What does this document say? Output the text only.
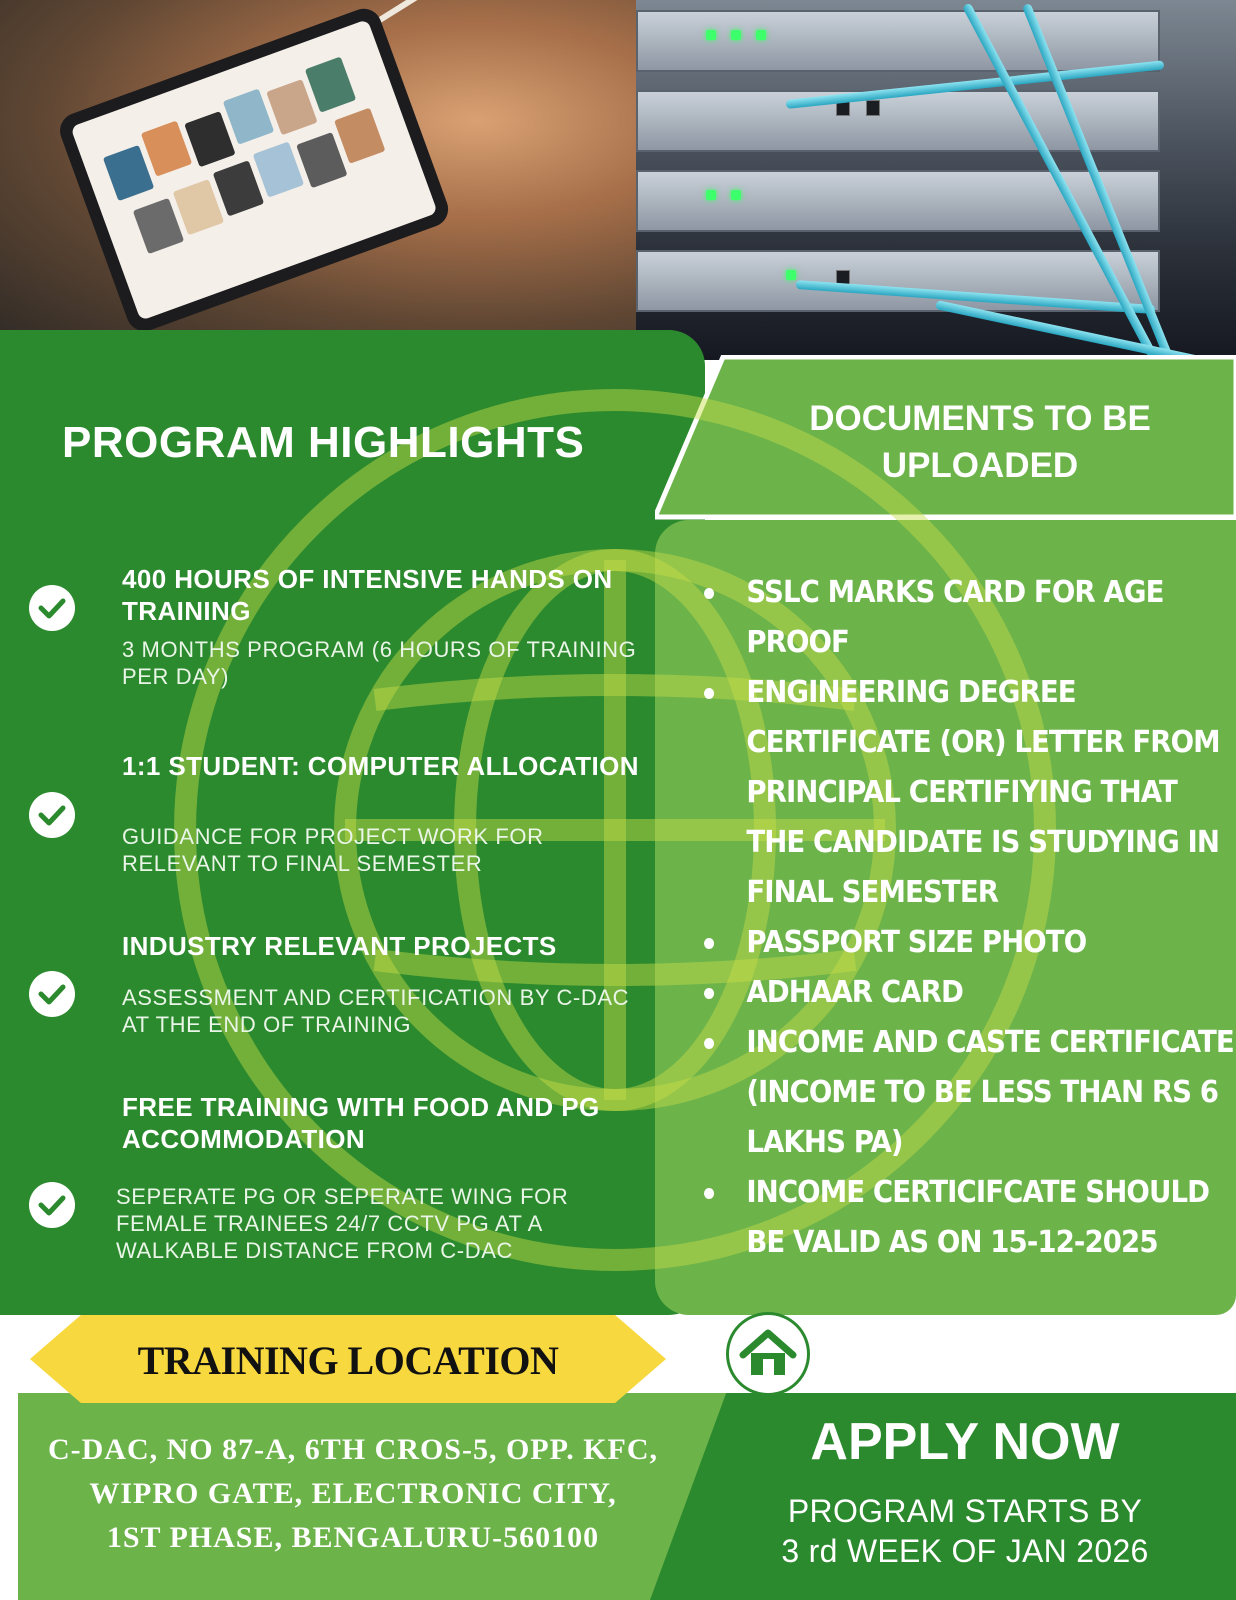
PROGRAM HIGHLIGHTS	DOCUMENTS TO BE UPLOADED
400 HOURS OF INTENSIVE HANDS ON TRAINING
3 MONTHS PROGRAM (6 HOURS OF TRAINING PER DAY)
1:1 STUDENT: COMPUTER ALLOCATION
GUIDANCE FOR PROJECT WORK FOR RELEVANT TO FINAL SEMESTER
INDUSTRY RELEVANT PROJECTS
ASSESSMENT AND CERTIFICATION BY C-DAC AT THE END OF TRAINING
FREE TRAINING WITH FOOD AND PG ACCOMMODATION
SEPERATE PG OR SEPERATE WING FOR FEMALE TRAINEES 24/7 CCTV PG AT A WALKABLE DISTANCE FROM C-DAC
SSLC MARKS CARD FOR AGE PROOF
ENGINEERING DEGREE CERTIFICATE (OR) LETTER FROM PRINCIPAL CERTIFIYING THAT THE CANDIDATE IS STUDYING IN FINAL SEMESTER
PASSPORT SIZE PHOTO
ADHAAR CARD
INCOME AND CASTE CERTIFICATE (INCOME TO BE LESS THAN RS 6 LAKHS PA)
INCOME CERTICIFCATE SHOULD BE VALID AS ON 15-12-2025
TRAINING LOCATION
C-DAC, NO 87-A, 6TH CROS-5, OPP. KFC,
WIPRO GATE, ELECTRONIC CITY,
1ST PHASE, BENGALURU-560100
APPLY NOW
PROGRAM STARTS BY
3 rd WEEK OF JAN 2026
